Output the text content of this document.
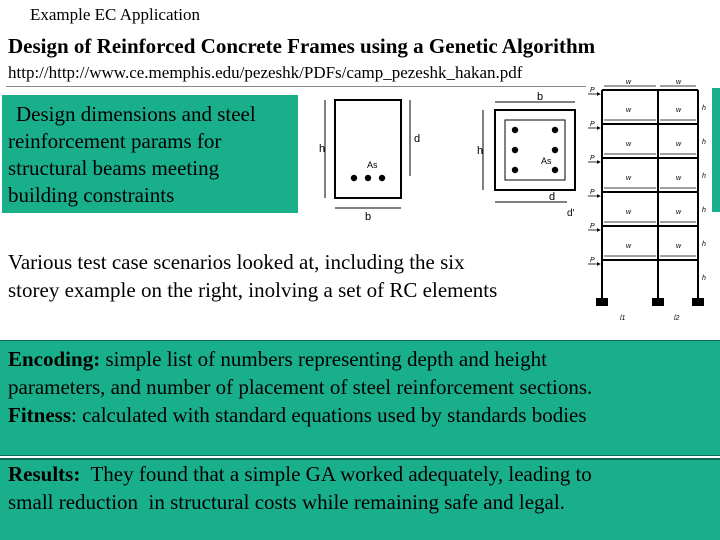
Example EC Application
Design of Reinforced Concrete Frames using a Genetic Algorithm
http://http://www.ce.memphis.edu/pezeshk/PDFs/camp_pezeshk_hakan.pdf
Design dimensions and steel
reinforcement params for
structural beams meeting
building constraints
h
d
b
As
b
h
d
d'
As
w	w
w	w
w	w
w	w
w	w
w	w
P
P
P
P
P
P
h
h
h
h
h
h
l1	l2
Various test case scenarios looked at, including the six
storey example on the right, inolving a set of RC elements
Encoding: simple list of numbers representing depth and height
parameters, and number of placement of steel reinforcement sections.
Fitness: calculated with standard equations used by standards bodies
Results:  They found that a simple GA worked adequately, leading to
small reduction  in structural costs while remaining safe and legal.
